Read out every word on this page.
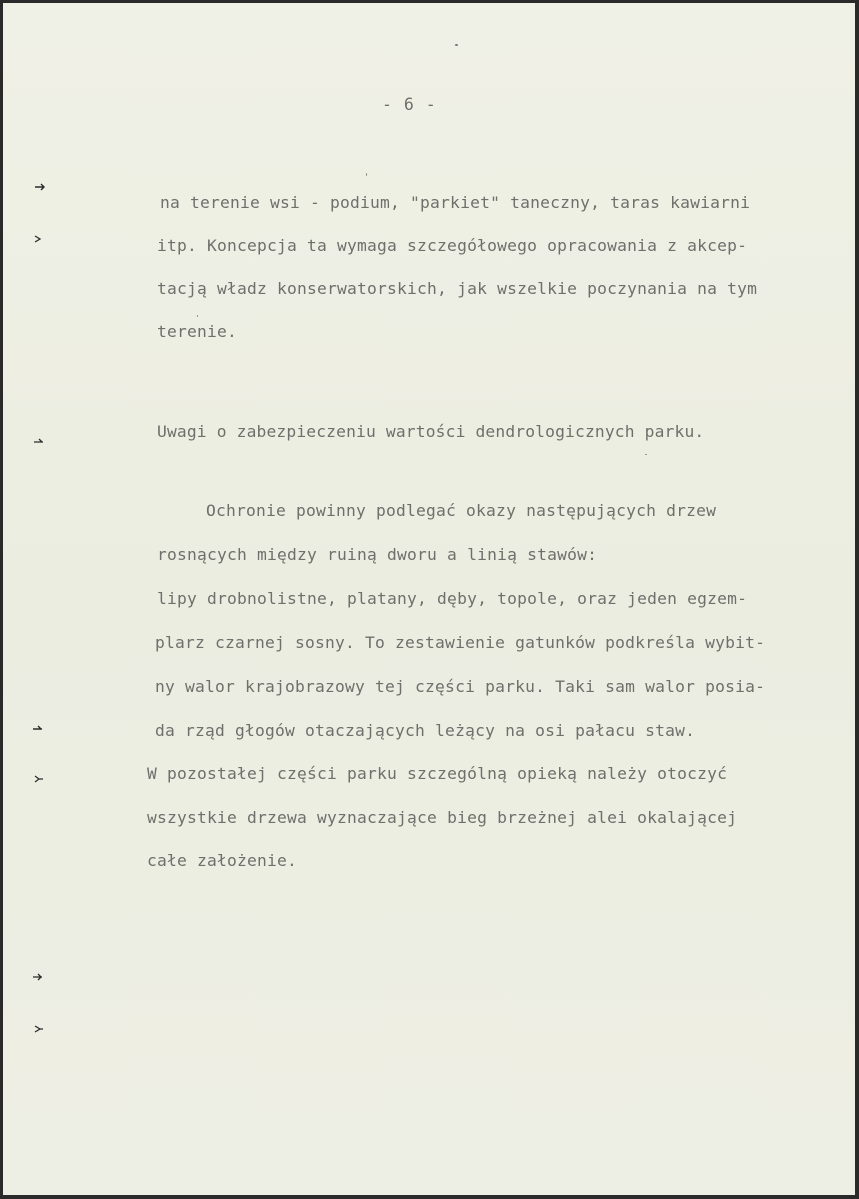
- 6 -
na terenie wsi - podium, "parkiet" taneczny, taras kawiarni
itp. Koncepcja ta wymaga szczegółowego opracowania z akcep-
tacją władz konserwatorskich, jak wszelkie poczynania na tym
terenie.
Uwagi o zabezpieczeniu wartości dendrologicznych parku.
Ochronie powinny podlegać okazy następujących drzew
rosnących między ruiną dworu a linią stawów:
lipy drobnolistne, platany, dęby, topole, oraz jeden egzem-
plarz czarnej sosny. To zestawienie gatunków podkreśla wybit-
ny walor krajobrazowy tej części parku. Taki sam walor posia-
da rząd głogów otaczających leżący na osi pałacu staw.
W pozostałej części parku szczególną opieką należy otoczyć
wszystkie drzewa wyznaczające bieg brzeżnej alei okalającej
całe założenie.
